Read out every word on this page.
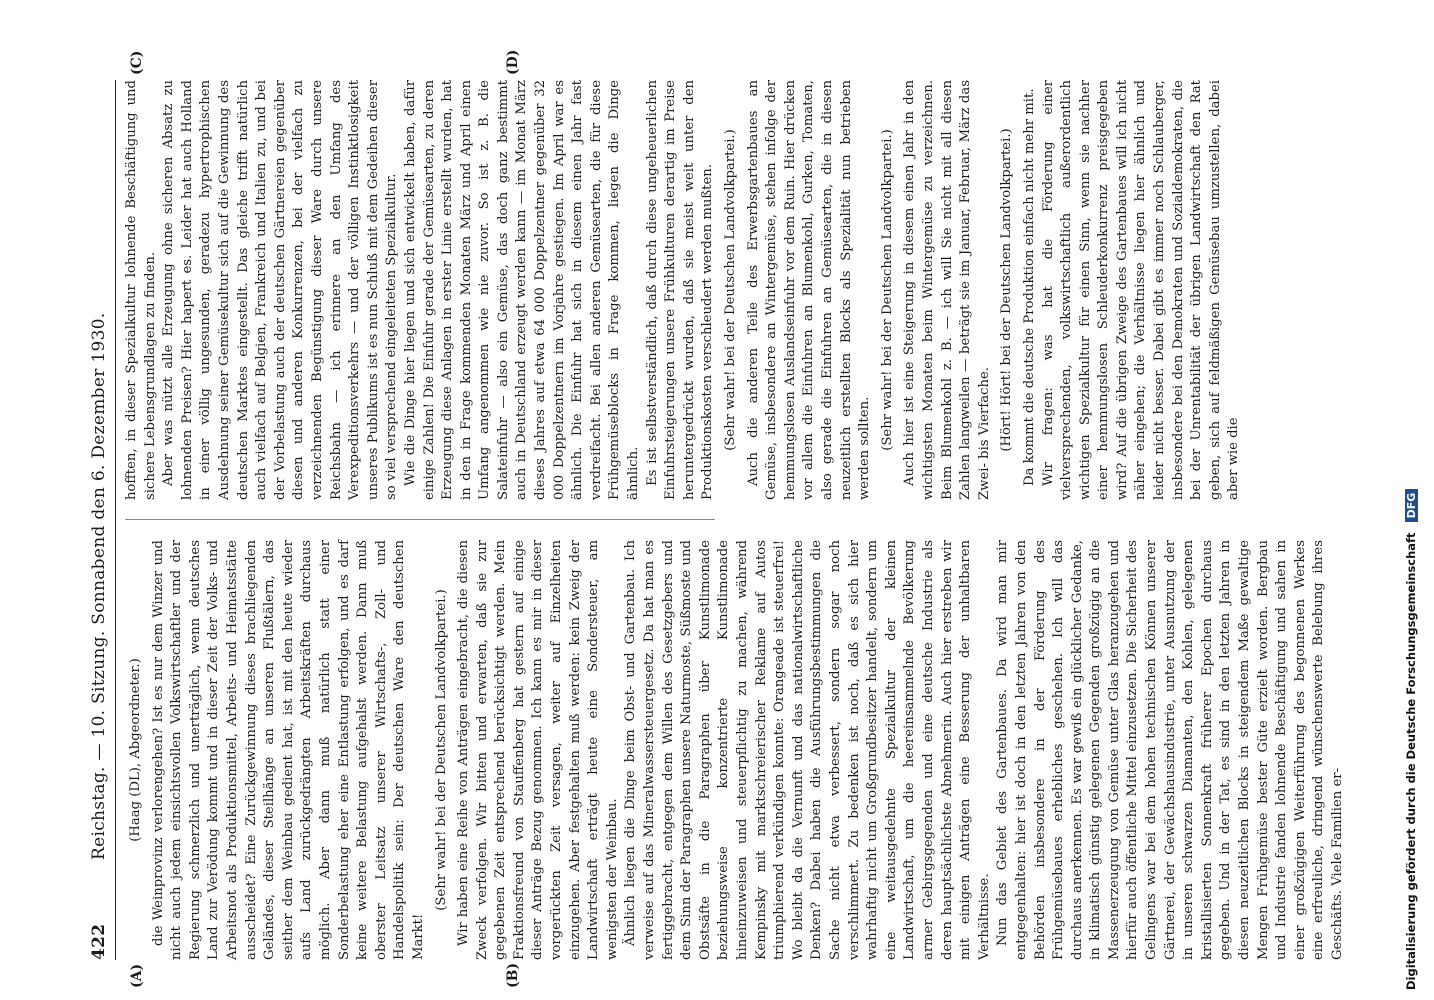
422
Reichstag. — 10. Sitzung. Sonnabend den 6. Dezember 1930. (Haag (DL), Abgeordneter.) die Weinprovinz verlorengehen? Ist es nur dem Winzer und nicht auch jedem einsichtsvollen Volkswirtschaftler und der Regierung schmerzlich und unerträglich, wenn deutsches Land zur Verödung kommt und in dieser Zeit der Volks- und Arbeitsnot als Produktionsmittel, Arbeits- und Heimatsstätte ausscheidet? Eine Zurückgewinnung dieses brachliegenden Geländes, dieser Steilhänge an unseren Flußtälern, das seither dem Weinbau gedient hat, ist mit den heute wieder aufs Land zurückgedrängten Arbeitskräften durchaus möglich. Aber dann muß natürlich statt einer Sonderbelastung eher eine Entlastung erfolgen, und es darf keine weitere Belastung aufgehalst werden. Dann muß oberster Leitsatz unserer Wirtschafts-, Zoll- und Handelspolitik sein: Der deutschen Ware den deutschen Markt!

(Sehr wahr! bei der Deutschen Landvolkpartei.) Wir haben eine Reihe von Anträgen eingebracht, die diesen Zweck verfolgen. Wir bitten und erwarten, daß sie zur gegebenen Zeit entsprechend berücksichtigt werden. Mein Fraktionsfreund von Stauffenberg hat gestern auf einige dieser Anträge Bezug genommen. Ich kann es mir in dieser vorgerückten Zeit versagen, weiter auf Einzelheiten einzugehen. Aber festgehalten muß werden: kein Zweig der Landwirtschaft erträgt heute eine Sondersteuer, am wenigsten der Weinbau. Ähnlich liegen die Dinge beim Obst- und Gartenbau. Ich verweise auf das Mineralwassersteuergesetz. Da hat man es fertiggebracht, entgegen dem Willen des Gesetzgebers und dem Sinn der Paragraphen unsere Naturmoste, Süßmoste und Obstsäfte in die Paragraphen über Kunstlimonade beziehungsweise konzentrierte Kunstlimonade hineinzuweisen und steuerpflichtig zu machen, während Kempinsky mit marktschreierischer Reklame auf Autos triumphierend verkündigen konnte: Orangeade ist steuerfrei! Wo bleibt da die Vernunft und das nationalwirtschaftliche Denken? Dabei haben die Ausführungsbestimmungen die Sache nicht etwa verbessert, sondern sogar noch verschlimmert. Zu bedenken ist noch, daß es sich hier wahrhaftig nicht um Großgrundbesitzer handelt, sondern um eine weitausgedehnte Spezialkultur der kleinen Landwirtschaft, um die heereinsammelnde Bevölkerung armer Gebirgsgegenden und eine deutsche Industrie als deren hauptsächlichste Abnehmerin. Auch hier erstreben wir mit einigen Anträgen eine Besserung der unhaltbaren Verhältnisse. Nun das Gebiet des Gartenbaues. Da wird man mir entgegenhalten: hier ist doch in den letzten Jahren von den Behörden insbesondere in der Förderung des Frühgemüsebaues erhebliches geschehen. Ich will das durchaus anerkennen. Es war gewiß ein glücklicher Gedanke, in klimatisch günstig gelegenen Gegenden großzügig an die Massenerzeugung von Gemüse unter Glas heranzugehen und hierfür auch öffentliche Mittel einzusetzen. Die Sicherheit des Gelingens war bei dem hohen technischen Können unserer Gärtnerei, der Gewächshausindustrie, unter Ausnutzung der in unseren schwarzen Diamanten, den Kohlen, gelegenen kristallisierten Sonnenkraft früherer Epochen durchaus gegeben. Und in der Tat, es sind in den letzten Jahren in diesen neuzeitlichen Blocks in steigendem Maße gewaltige Mengen Frühgemüse bester Güte erzielt worden. Bergbau und Industrie fanden lohnende Beschäftigung und sahen in einer großzügigen Weiterführung des begonnenen Werkes eine erfreuliche, dringend wünschenswerte Belebung ihres Geschäfts. Viele Familien er-

hofften, in dieser Spezialkultur lohnende Beschäftigung und sichere Lebensgrundlagen zu finden. Aber was nützt alle Erzeugung ohne sicheren Absatz zu lohnenden Preisen? Hier hapert es. Leider hat auch Holland in einer völlig ungesunden, geradezu hypertrophischen Ausdehnung seiner Gemüsekultur sich auf die Gewinnung des deutschen Marktes eingestellt. Das gleiche trifft natürlich auch vielfach auf Belgien, Frankreich und Italien zu, und bei der Vorbelastung auch der deutschen Gärtnereien gegenüber diesen und anderen Konkurrenzen, bei der vielfach zu verzeichnenden Begünstigung dieser Ware durch unsere Reichsbahn — ich erinnere an den Umfang des Verexpeditionsverkehrs — und der völligen Instinktlosigkeit unseres Publikums ist es nun Schluß mit dem Gedeihen dieser so viel versprechend eingeleiteten Spezialkultur. Wie die Dinge hier liegen und sich entwickelt haben, dafür einige Zahlen! Die Einfuhr gerade der Gemüsearten, zu deren Erzeugung diese Anlagen in erster Linie erstellt wurden, hat in den in Frage kommenden Monaten März und April einen Umfang angenommen wie nie zuvor. So ist z. B. die Salateinfuhr — also ein Gemüse, das doch ganz bestimmt auch in Deutschland erzeugt werden kann — im Monat März dieses Jahres auf etwa 64 000 Doppelzentner gegenüber 32 000 Doppelzentnern im Vorjahre gestiegen. Im April war es ähnlich. Die Einfuhr hat sich in diesem einen Jahr fast verdreifacht. Bei allen anderen Gemüsearten, die für diese Frühgemüseblocks in Frage kommen, liegen die Dinge ähnlich. Es ist selbstverständlich, daß durch diese ungeheuerlichen Einfuhrsteigerungen unsere Frühkulturen derartig im Preise heruntergedrückt wurden, daß sie meist weit unter den Produktionskosten verschleudert werden mußten. (Sehr wahr! bei der Deutschen Landvolkpartei.) Auch die anderen Teile des Erwerbsgartenbaues an Gemüse, insbesondere an Wintergemüse, stehen infolge der hemmungslosen Auslandseinfuhr vor dem Ruin. Hier drücken vor allem die Einfuhren an Blumenkohl, Gurken, Tomaten, also gerade die Einfuhren an Gemüsearten, die in diesen neuzeitlich erstellten Blocks als Spezialität nun betrieben werden sollten. (Sehr wahr! bei der Deutschen Landvolkpartei.) Auch hier ist eine Steigerung in diesem einen Jahr in den wichtigsten Monaten beim Wintergemüse zu verzeichnen. Beim Blumenkohl z. B. — ich will Sie nicht mit all diesen Zahlen langweilen — beträgt sie im Januar, Februar, März das Zwei- bis Vierfache. (Hört! Hört! bei der Deutschen Landvolkpartei.) Da kommt die deutsche Produktion einfach nicht mehr mit. Wir fragen: was hat die Förderung einer vielversprechenden, volkswirtschaftlich außerordentlich wichtigen Spezialkultur für einen Sinn, wenn sie nachher einer hemmungslosen Schleuderkonkurrenz preisgegeben wird? Auf die übrigen Zweige des Gartenbaues will ich nicht näher eingehen; die Verhältnisse liegen hier ähnlich und leider nicht besser. Dabei gibt es immer noch Schlauberger, insbesondere bei den Demokraten und Sozialdemokraten, die bei der Unrentabilität der übrigen Landwirtschaft den Rat geben, sich auf feldmäßigen Gemüsebau umzustellen, dabei aber wie die

(A)	(B)
(C)	(D)
Digitalisierung gefördert durch die Deutsche Forschungsgemeinschaft DFG
